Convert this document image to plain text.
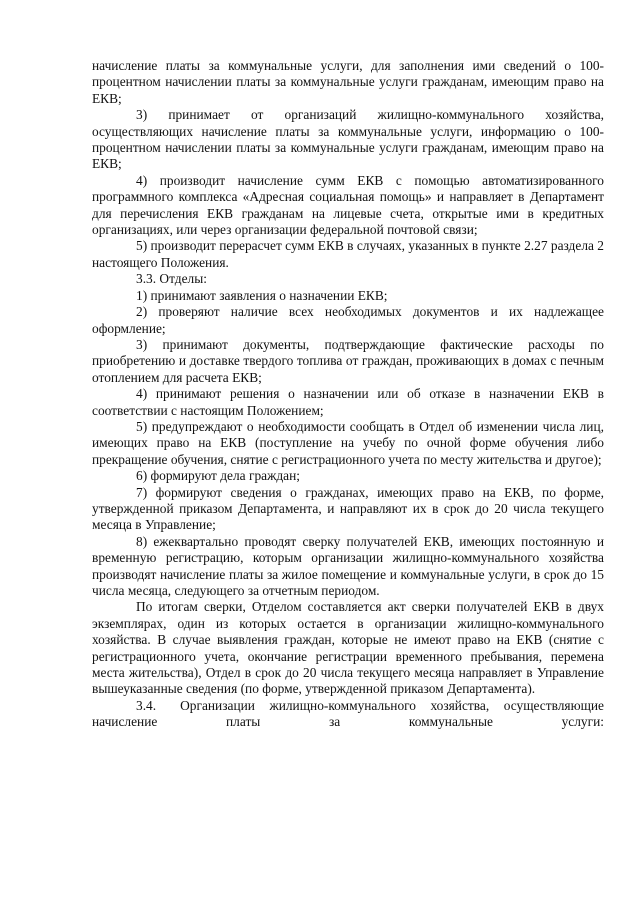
начисление платы за коммунальные услуги, для заполнения ими сведений о 100-процентном начислении платы за коммунальные услуги гражданам, имеющим право на ЕКВ;

3) принимает от организаций жилищно-коммунального хозяйства, осуществляющих начисление платы за коммунальные услуги, информацию о 100-процентном начислении платы за коммунальные услуги гражданам, имеющим право на ЕКВ;

4) производит начисление сумм ЕКВ с помощью автоматизированного программного комплекса «Адресная социальная помощь» и направляет в Департамент для перечисления ЕКВ гражданам на лицевые счета, открытые ими в кредитных организациях, или через организации федеральной почтовой связи;

5) производит перерасчет сумм ЕКВ в случаях, указанных в пункте 2.27 раздела 2 настоящего Положения.

3.3. Отделы:

1) принимают заявления о назначении ЕКВ;

2) проверяют наличие всех необходимых документов и их надлежащее оформление;

3) принимают документы, подтверждающие фактические расходы по приобретению и доставке твердого топлива от граждан, проживающих в домах с печным отоплением для расчета ЕКВ;

4) принимают решения о назначении или об отказе в назначении ЕКВ в соответствии с настоящим Положением;

5) предупреждают о необходимости сообщать в Отдел об изменении числа лиц, имеющих право на ЕКВ (поступление на учебу по очной форме обучения либо прекращение обучения, снятие с регистрационного учета по месту жительства и другое);

6) формируют дела граждан;

7) формируют сведения о гражданах, имеющих право на ЕКВ, по форме, утвержденной приказом Департамента, и направляют их в срок до 20 числа текущего месяца в Управление;

8) ежеквартально проводят сверку получателей ЕКВ, имеющих постоянную и временную регистрацию, которым организации жилищно-коммунального хозяйства производят начисление платы за жилое помещение и коммунальные услуги, в срок до 15 числа месяца, следующего за отчетным периодом.

По итогам сверки, Отделом составляется акт сверки получателей ЕКВ в двух экземплярах, один из которых остается в организации жилищно-коммунального хозяйства. В случае выявления граждан, которые не имеют право на ЕКВ (снятие с регистрационного учета, окончание регистрации временного пребывания, перемена места жительства), Отдел в срок до 20 числа текущего месяца направляет в Управление вышеуказанные сведения (по форме, утвержденной приказом Департамента).

3.4. Организации жилищно-коммунального хозяйства, осуществляющие начисление платы за коммунальные услуги:
